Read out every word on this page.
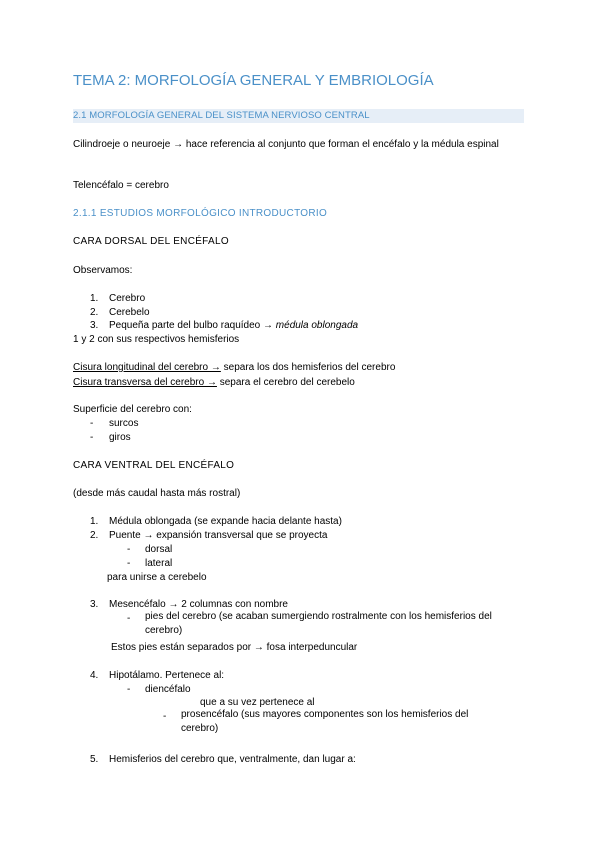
TEMA 2: MORFOLOGÍA GENERAL Y EMBRIOLOGÍA
2.1 MORFOLOGÍA GENERAL DEL SISTEMA NERVIOSO CENTRAL
Cilindroeje o neuroeje → hace referencia al conjunto que forman el encéfalo y la médula espinal
Telencéfalo = cerebro
2.1.1 ESTUDIOS MORFOLÓGICO INTRODUCTORIO
CARA DORSAL DEL ENCÉFALO
Observamos:
1. Cerebro
2. Cerebelo
3. Pequeña parte del bulbo raquídeo → médula oblongada
1 y 2 con sus respectivos hemisferios
Cisura longitudinal del cerebro → separa los dos hemisferios del cerebro
Cisura transversa del cerebro → separa el cerebro del cerebelo
Superficie del cerebro con:
- surcos
- giros
CARA VENTRAL DEL ENCÉFALO
(desde más caudal hasta más rostral)
1. Médula oblongada (se expande hacia delante hasta)
2. Puente → expansión transversal que se proyecta
- dorsal
- lateral
para unirse a cerebelo
3. Mesencéfalo → 2 columnas con nombre
- pies del cerebro (se acaban sumergiendo rostralmente con los hemisferios del cerebro)
Estos pies están separados por → fosa interpeduncular
4. Hipotálamo. Pertenece al:
- diencéfalo
que a su vez pertenece al
- prosencéfalo (sus mayores componentes son los hemisferios del cerebro)
5. Hemisferios del cerebro que, ventralmente, dan lugar a:
